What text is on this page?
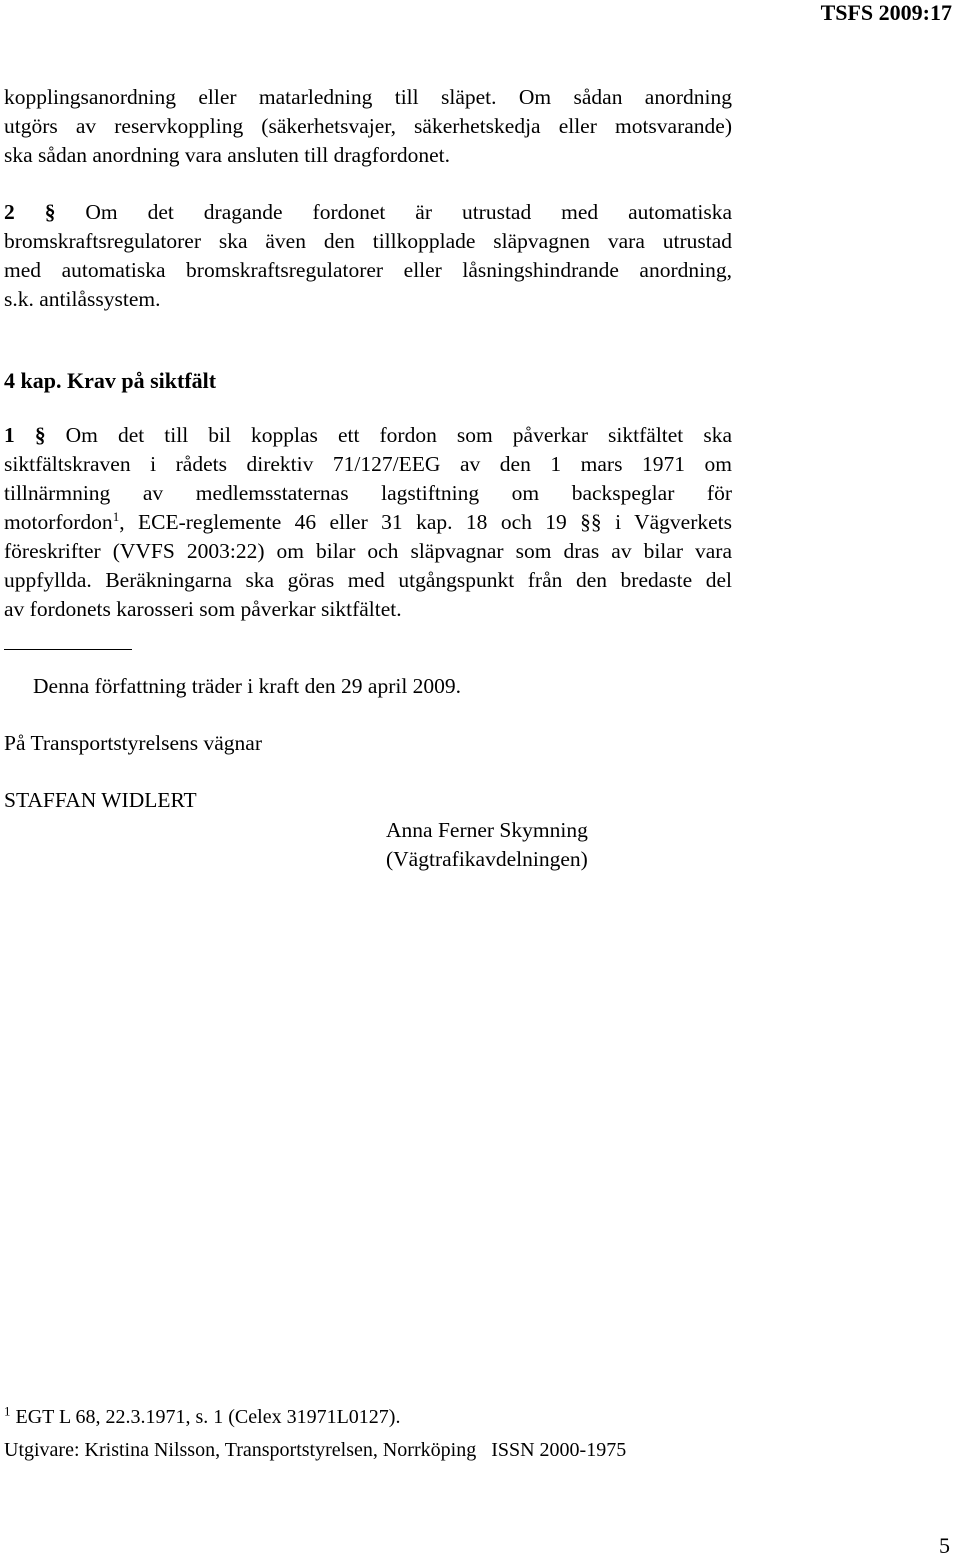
TSFS 2009:17
kopplingsanordning eller matarledning till släpet. Om sådan anordning
utgörs av reservkoppling (säkerhetsvajer, säkerhetskedja eller motsvarande)
ska sådan anordning vara ansluten till dragfordonet.
2 § Om det dragande fordonet är utrustad med automatiska
bromskraftsregulatorer ska även den tillkopplade släpvagnen vara utrustad
med automatiska bromskraftsregulatorer eller låsningshindrande anordning,
s.k. antilåssystem.
4 kap. Krav på siktfält
1 § Om det till bil kopplas ett fordon som påverkar siktfältet ska
siktfältskraven i rådets direktiv 71/127/EEG av den 1 mars 1971 om
tillnärmning av medlemsstaternas lagstiftning om backspeglar för
motorfordon$^1$, ECE-reglemente 46 eller 31 kap. 18 och 19 §§ i Vägverkets
föreskrifter (VVFS 2003:22) om bilar och släpvagnar som dras av bilar vara
uppfyllda. Beräkningarna ska göras med utgångspunkt från den bredaste del
av fordonets karosseri som påverkar siktfältet.
Denna författning träder i kraft den 29 april 2009.
På Transportstyrelsens vägnar
STAFFAN WIDLERT
Anna Ferner Skymning
(Vägtrafikavdelningen)
$^1$ EGT L 68, 22.3.1971, s. 1 (Celex 31971L0127).
Utgivare: Kristina Nilsson, Transportstyrelsen, Norrköping   ISSN 2000-1975
5
